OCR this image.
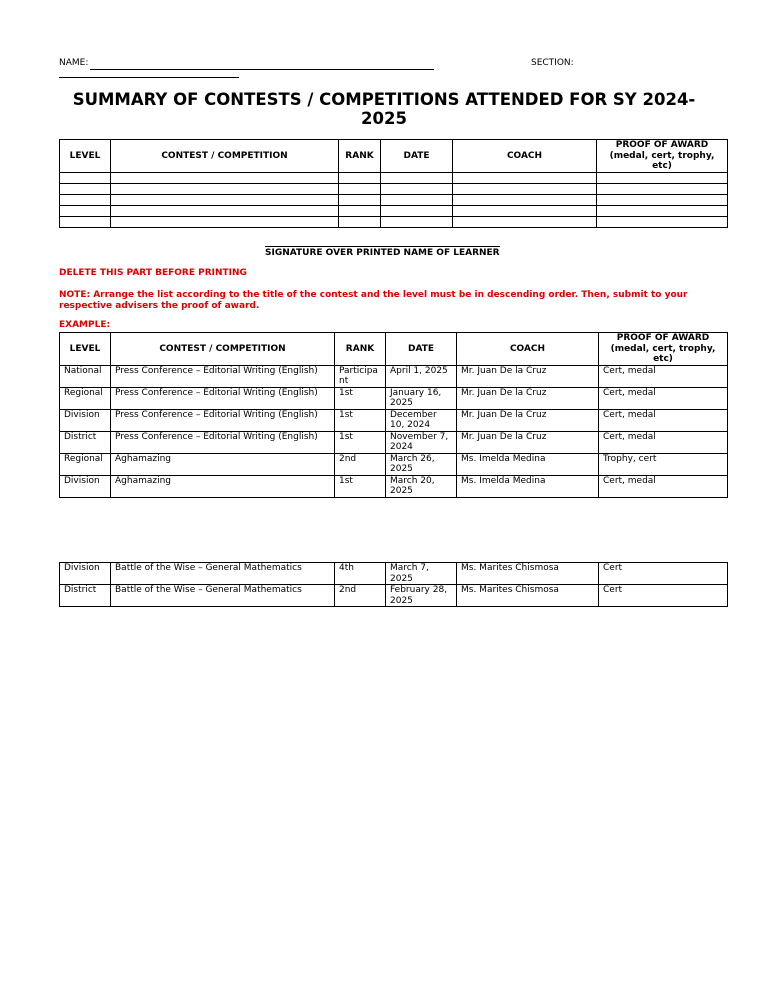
NAME:	SECTION:
SUMMARY OF CONTESTS / COMPETITIONS ATTENDED FOR SY 2024-2025
LEVEL	CONTEST / COMPETITION	RANK	DATE	COACH	PROOF OF AWARD (medal, cert, trophy, etc)

SIGNATURE OVER PRINTED NAME OF LEARNER
DELETE THIS PART BEFORE PRINTING
NOTE: Arrange the list according to the title of the contest and the level must be in descending order. Then, submit to your respective advisers the proof of award.
EXAMPLE:
LEVEL	CONTEST / COMPETITION	RANK	DATE	COACH	PROOF OF AWARD (medal, cert, trophy, etc)
National	Press Conference – Editorial Writing (English)	Participant	April 1, 2025	Mr. Juan De la Cruz	Cert, medal
Regional	Press Conference – Editorial Writing (English)	1st	January 16, 2025	Mr. Juan De la Cruz	Cert, medal
Division	Press Conference – Editorial Writing (English)	1st	December 10, 2024	Mr. Juan De la Cruz	Cert, medal
District	Press Conference – Editorial Writing (English)	1st	November 7, 2024	Mr. Juan De la Cruz	Cert, medal
Regional	Aghamazing	2nd	March 26, 2025	Ms. Imelda Medina	Trophy, cert
Division	Aghamazing	1st	March 20, 2025	Ms. Imelda Medina	Cert, medal
Division	Battle of the Wise – General Mathematics	4th	March 7, 2025	Ms. Marites Chismosa	Cert
District	Battle of the Wise – General Mathematics	2nd	February 28, 2025	Ms. Marites Chismosa	Cert
